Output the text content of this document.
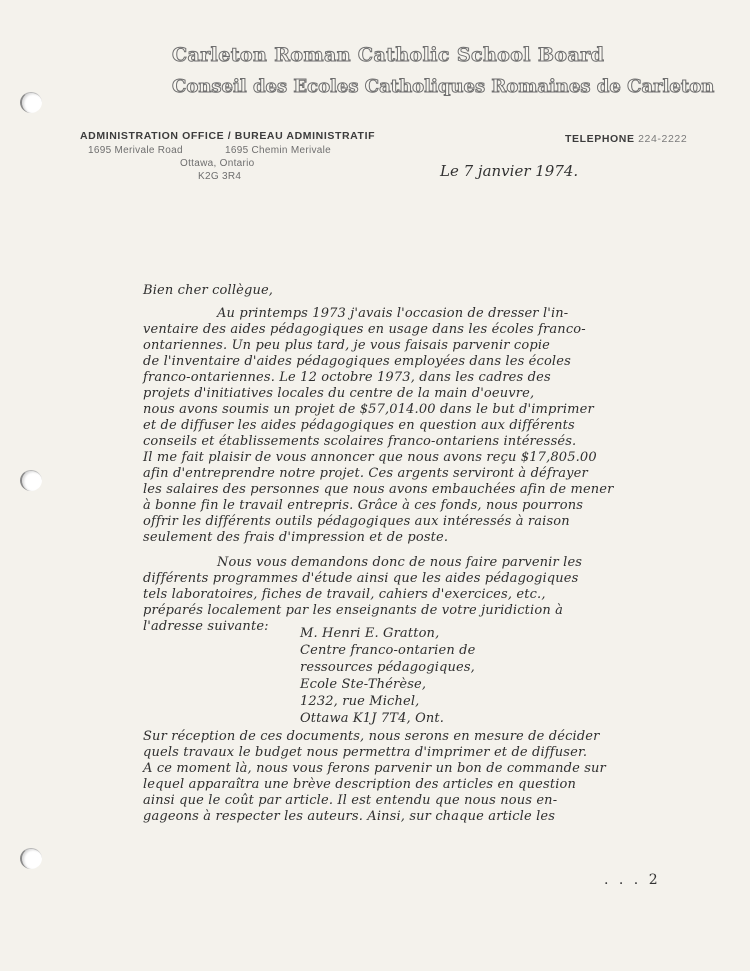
Carleton Roman Catholic School Board
Conseil des Ecoles Catholiques Romaines de Carleton
ADMINISTRATION OFFICE / BUREAU ADMINISTRATIF
1695 Merivale Road	1695 Chemin Merivale
Ottawa, Ontario
K2G 3R4
TELEPHONE 224-2222
Le 7 janvier 1974.
Bien cher collègue,
Au printemps 1973 j'avais l'occasion de dresser l'in-
ventaire des aides pédagogiques en usage dans les écoles franco-
ontariennes. Un peu plus tard, je vous faisais parvenir copie
de l'inventaire d'aides pédagogiques employées dans les écoles
franco-ontariennes. Le 12 octobre 1973, dans les cadres des
projets d'initiatives locales du centre de la main d'oeuvre,
nous avons soumis un projet de $57,014.00 dans le but d'imprimer
et de diffuser les aides pédagogiques en question aux différents
conseils et établissements scolaires franco-ontariens intéressés.
Il me fait plaisir de vous annoncer que nous avons reçu $17,805.00
afin d'entreprendre notre projet. Ces argents serviront à défrayer
les salaires des personnes que nous avons embauchées afin de mener
à bonne fin le travail entrepris. Grâce à ces fonds, nous pourrons
offrir les différents outils pédagogiques aux intéressés à raison
seulement des frais d'impression et de poste.
Nous vous demandons donc de nous faire parvenir les
différents programmes d'étude ainsi que les aides pédagogiques
tels laboratoires, fiches de travail, cahiers d'exercices, etc.,
préparés localement par les enseignants de votre juridiction à
l'adresse suivante:	M. Henri E. Gratton,
Centre franco-ontarien de
ressources pédagogiques,
Ecole Ste-Thérèse,
1232, rue Michel,
Ottawa K1J 7T4, Ont.
Sur réception de ces documents, nous serons en mesure de décider
quels travaux le budget nous permettra d'imprimer et de diffuser.
A ce moment là, nous vous ferons parvenir un bon de commande sur
lequel apparaîtra une brève description des articles en question
ainsi que le coût par article. Il est entendu que nous nous en-
gageons à respecter les auteurs. Ainsi, sur chaque article les
. . . 2
